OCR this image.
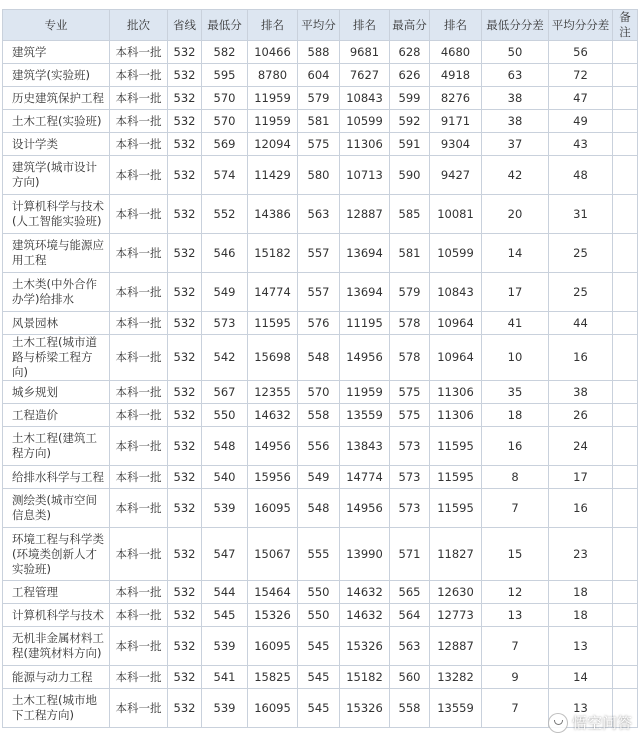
专业	批次	省线	最低分	排名	平均分	排名	最高分	排名	最低分分差	平均分分差	备注
建筑学	本科一批	532	582	10466	588	9681	628	4680	50	56	
建筑学(实验班)	本科一批	532	595	8780	604	7627	626	4918	63	72	
历史建筑保护工程	本科一批	532	570	11959	579	10843	599	8276	38	47	
土木工程(实验班)	本科一批	532	570	11959	581	10599	592	9171	38	49	
设计学类	本科一批	532	569	12094	575	11306	591	9304	37	43	
建筑学(城市设计方向)	本科一批	532	574	11429	580	10713	590	9427	42	48	
计算机科学与技术(人工智能实验班)	本科一批	532	552	14386	563	12887	585	10081	20	31	
建筑环境与能源应用工程	本科一批	532	546	15182	557	13694	581	10599	14	25	
土木类(中外合作办学)给排水	本科一批	532	549	14774	557	13694	579	10843	17	25	
风景园林	本科一批	532	573	11595	576	11195	578	10964	41	44	
土木工程(城市道路与桥梁工程方向)	本科一批	532	542	15698	548	14956	578	10964	10	16	
城乡规划	本科一批	532	567	12355	570	11959	575	11306	35	38	
工程造价	本科一批	532	550	14632	558	13559	575	11306	18	26	
土木工程(建筑工程方向)	本科一批	532	548	14956	556	13843	573	11595	16	24	
给排水科学与工程	本科一批	532	540	15956	549	14774	573	11595	8	17	
测绘类(城市空间信息类)	本科一批	532	539	16095	548	14956	573	11595	7	16	
环境工程与科学类(环境类创新人才实验班)	本科一批	532	547	15067	555	13990	571	11827	15	23	
工程管理	本科一批	532	544	15464	550	14632	565	12630	12	18	
计算机科学与技术	本科一批	532	545	15326	550	14632	564	12773	13	18	
无机非金属材料工程(建筑材料方向)	本科一批	532	539	16095	545	15326	563	12887	7	13	
能源与动力工程	本科一批	532	541	15825	545	15182	560	13282	9	14	
土木工程(城市地下工程方向)	本科一批	532	539	16095	545	15326	558	13559	7	13	
悟空问答
